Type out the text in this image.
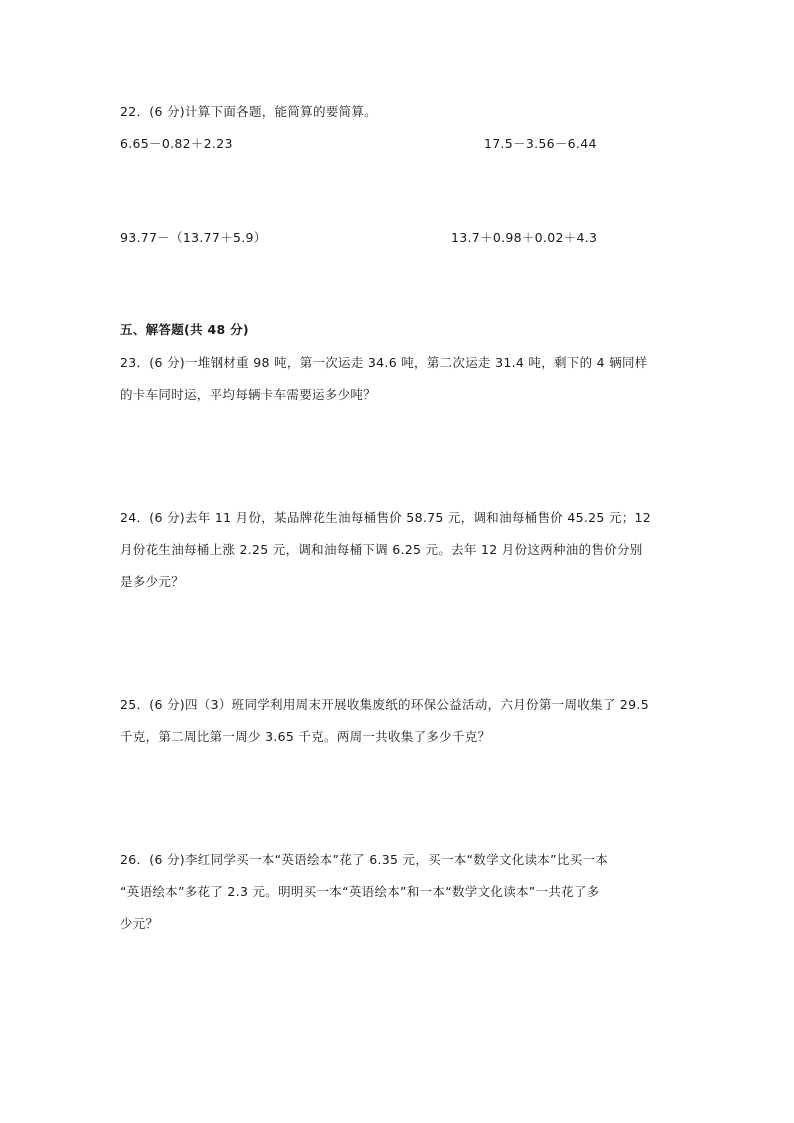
22．(6 分)计算下面各题，能简算的要简算。
6.65－0.82＋2.23	17.5－3.56－6.44
93.77－（13.77＋5.9）	13.7＋0.98＋0.02＋4.3
五、解答题(共 48 分)
23．(6 分)一堆钢材重 98 吨，第一次运走 34.6 吨，第二次运走 31.4 吨，剩下的 4 辆同样
的卡车同时运，平均每辆卡车需要运多少吨？
24．(6 分)去年 11 月份，某品牌花生油每桶售价 58.75 元，调和油每桶售价 45.25 元；12
月份花生油每桶上涨 2.25 元，调和油每桶下调 6.25 元。去年 12 月份这两种油的售价分别
是多少元？
25．(6 分)四（3）班同学利用周末开展收集废纸的环保公益活动，六月份第一周收集了 29.5
千克，第二周比第一周少 3.65 千克。两周一共收集了多少千克？
26．(6 分)李红同学买一本“英语绘本”花了 6.35 元，买一本“数学文化读本”比买一本
“英语绘本”多花了 2.3 元。明明买一本“英语绘本”和一本“数学文化读本”一共花了多
少元？
